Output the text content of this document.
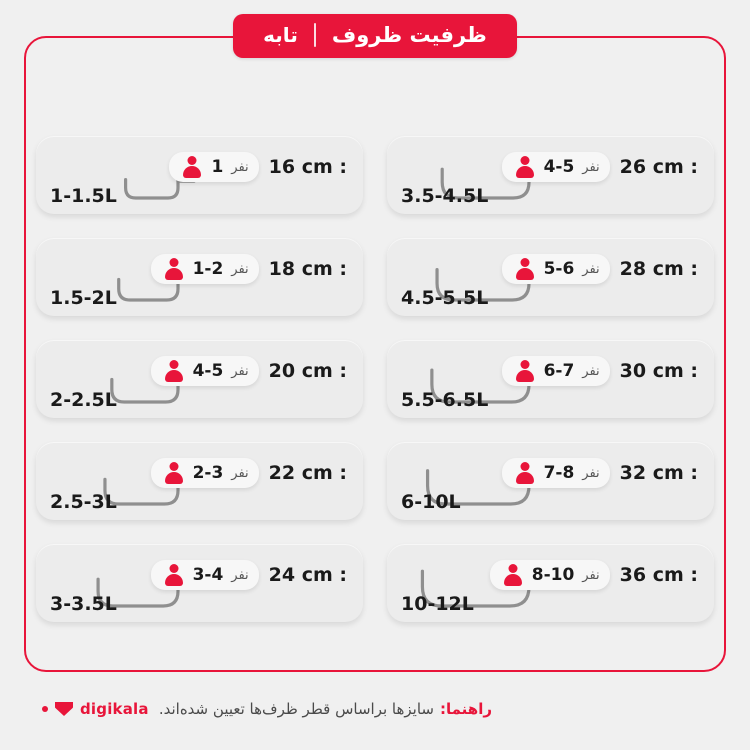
ظرفیت ظروف
تابه
16 cm :
1 نفر
1-1.5L
18 cm :
1-2 نفر
1.5-2L
20 cm :
4-5 نفر
2-2.5L
22 cm :
2-3 نفر
2.5-3L
24 cm :
3-4 نفر
3-3.5L
26 cm :
4-5 نفر
3.5-4.5L
28 cm :
5-6 نفر
4.5-5.5L
30 cm :
6-7 نفر
5.5-6.5L
32 cm :
7-8 نفر
6-10L
36 cm :
8-10 نفر
10-12L
راهنما:
سایزها براساس قطر ظرف‌ها تعیین شده‌اند.
digikala
